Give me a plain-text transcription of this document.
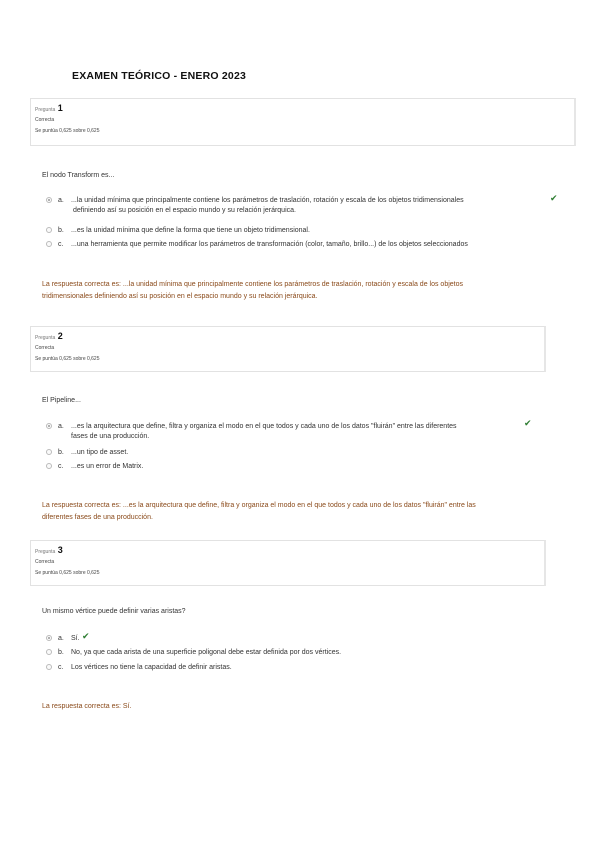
EXAMEN TEÓRICO - ENERO 2023
Pregunta 1
Correcta
Se puntúa 0,625 sobre 0,625
El nodo Transform es...
a. ...la unidad mínima que principalmente contiene los parámetros de traslación, rotación y escala de los objetos tridimensionales
definiendo así su posición en el espacio mundo y su relación jerárquica.
✔
b. ...es la unidad mínima que define la forma que tiene un objeto tridimensional.
c. ...una herramienta que permite modificar los parámetros de transformación (color, tamaño, brillo...) de los objetos seleccionados
La respuesta correcta es: ...la unidad mínima que principalmente contiene los parámetros de traslación, rotación y escala de los objetos
tridimensionales definiendo así su posición en el espacio mundo y su relación jerárquica.
Pregunta 2
Correcta
Se puntúa 0,625 sobre 0,625
El Pipeline...
a. ...es la arquitectura que define, filtra y organiza el modo en el que todos y cada uno de los datos "fluirán" entre las diferentes
fases de una producción.
✔
b. ...un tipo de asset.
c. ...es un error de Matrix.
La respuesta correcta es: ...es la arquitectura que define, filtra y organiza el modo en el que todos y cada uno de los datos "fluirán" entre las
diferentes fases de una producción.
Pregunta 3
Correcta
Se puntúa 0,625 sobre 0,625
Un mismo vértice puede definir varias aristas?
a. Sí. ✔
b. No, ya que cada arista de una superficie poligonal debe estar definida por dos vértices.
c. Los vértices no tiene la capacidad de definir aristas.
La respuesta correcta es: Sí.
